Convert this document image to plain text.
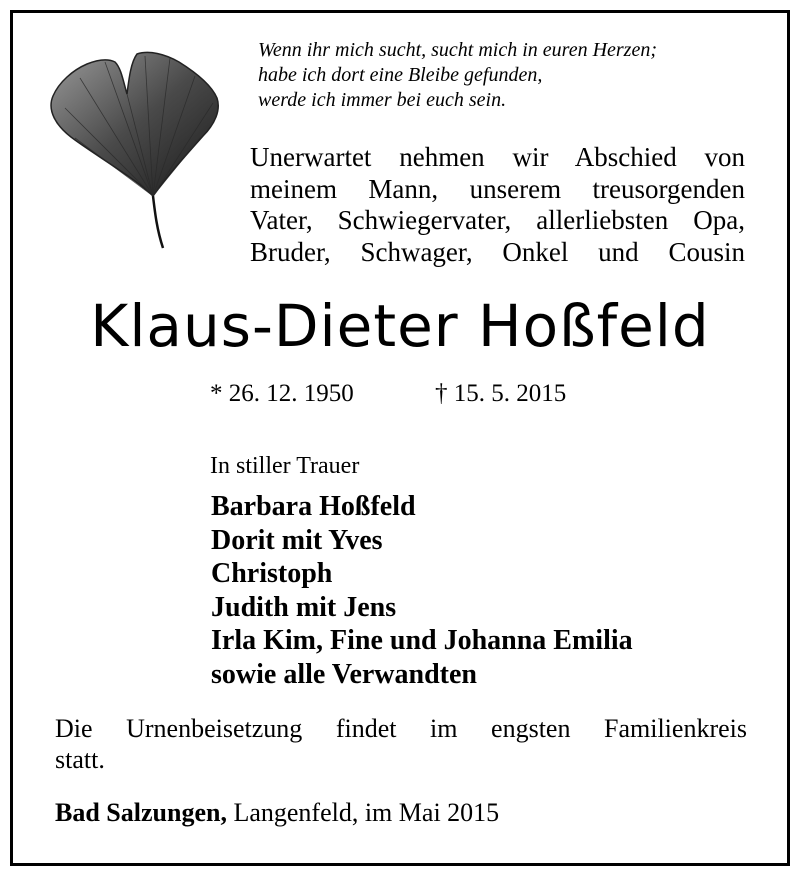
Wenn ihr mich sucht, sucht mich in euren Herzen;
habe ich dort eine Bleibe gefunden,
werde ich immer bei euch sein.
Unerwartet nehmen wir Abschied von
meinem Mann, unserem treusorgenden
Vater, Schwiegervater, allerliebsten Opa,
Bruder, Schwager, Onkel und Cousin
Klaus-Dieter Hoßfeld
* 26. 12. 1950	† 15. 5. 2015
In stiller Trauer
Barbara Hoßfeld
Dorit mit Yves
Christoph
Judith mit Jens
Irla Kim, Fine und Johanna Emilia
sowie alle Verwandten
Die Urnenbeisetzung findet im engsten Familienkreis
statt.
Bad Salzungen, Langenfeld, im Mai 2015
